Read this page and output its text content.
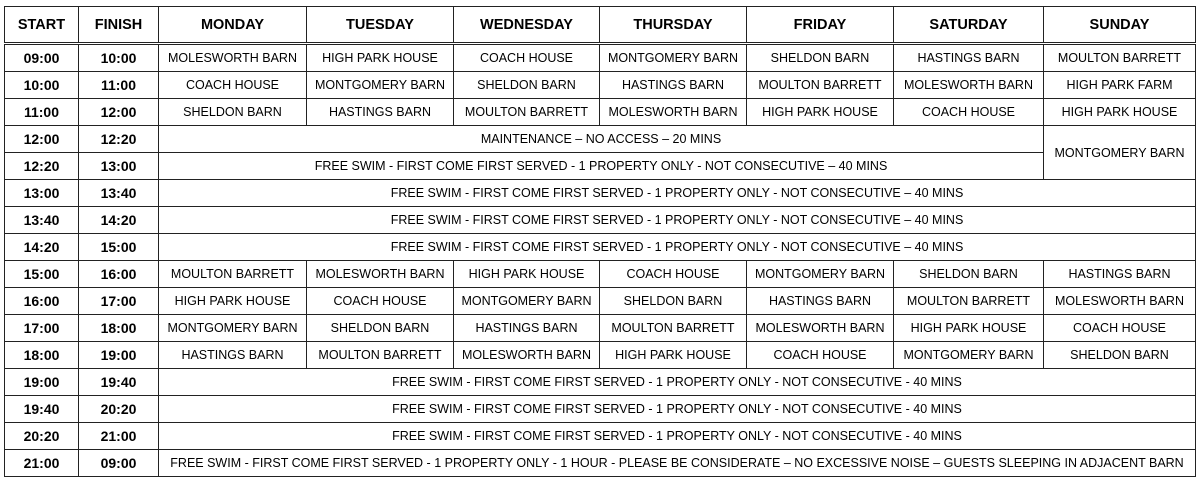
START	FINISH	MONDAY	TUESDAY	WEDNESDAY	THURSDAY	FRIDAY	SATURDAY	SUNDAY
09:00	10:00	MOLESWORTH BARN	HIGH PARK HOUSE	COACH HOUSE	MONTGOMERY BARN	SHELDON BARN	HASTINGS BARN	MOULTON BARRETT
10:00	11:00	COACH HOUSE	MONTGOMERY BARN	SHELDON BARN	HASTINGS BARN	MOULTON BARRETT	MOLESWORTH BARN	HIGH PARK FARM
11:00	12:00	SHELDON BARN	HASTINGS BARN	MOULTON BARRETT	MOLESWORTH BARN	HIGH PARK HOUSE	COACH HOUSE	HIGH PARK HOUSE
12:00	12:20	MAINTENANCE – NO ACCESS – 20 MINS						MONTGOMERY BARN
12:20	13:00	FREE SWIM - FIRST COME FIRST SERVED - 1 PROPERTY ONLY - NOT CONSECUTIVE – 40 MINS						
13:00	13:40	FREE SWIM - FIRST COME FIRST SERVED - 1 PROPERTY ONLY - NOT CONSECUTIVE – 40 MINS						
13:40	14:20	FREE SWIM - FIRST COME FIRST SERVED - 1 PROPERTY ONLY - NOT CONSECUTIVE – 40 MINS						
14:20	15:00	FREE SWIM - FIRST COME FIRST SERVED - 1 PROPERTY ONLY - NOT CONSECUTIVE – 40 MINS						
15:00	16:00	MOULTON BARRETT	MOLESWORTH BARN	HIGH PARK HOUSE	COACH HOUSE	MONTGOMERY BARN	SHELDON BARN	HASTINGS BARN
16:00	17:00	HIGH PARK HOUSE	COACH HOUSE	MONTGOMERY BARN	SHELDON BARN	HASTINGS BARN	MOULTON BARRETT	MOLESWORTH BARN
17:00	18:00	MONTGOMERY BARN	SHELDON BARN	HASTINGS BARN	MOULTON BARRETT	MOLESWORTH BARN	HIGH PARK HOUSE	COACH HOUSE
18:00	19:00	HASTINGS BARN	MOULTON BARRETT	MOLESWORTH BARN	HIGH PARK HOUSE	COACH HOUSE	MONTGOMERY BARN	SHELDON BARN
19:00	19:40	FREE SWIM - FIRST COME FIRST SERVED - 1 PROPERTY ONLY - NOT CONSECUTIVE - 40 MINS						
19:40	20:20	FREE SWIM - FIRST COME FIRST SERVED - 1 PROPERTY ONLY - NOT CONSECUTIVE - 40 MINS						
20:20	21:00	FREE SWIM - FIRST COME FIRST SERVED - 1 PROPERTY ONLY - NOT CONSECUTIVE - 40 MINS						
21:00	09:00	FREE SWIM - FIRST COME FIRST SERVED - 1 PROPERTY ONLY - 1 HOUR - PLEASE BE CONSIDERATE – NO EXCESSIVE NOISE – GUESTS SLEEPING IN ADJACENT BARN						
